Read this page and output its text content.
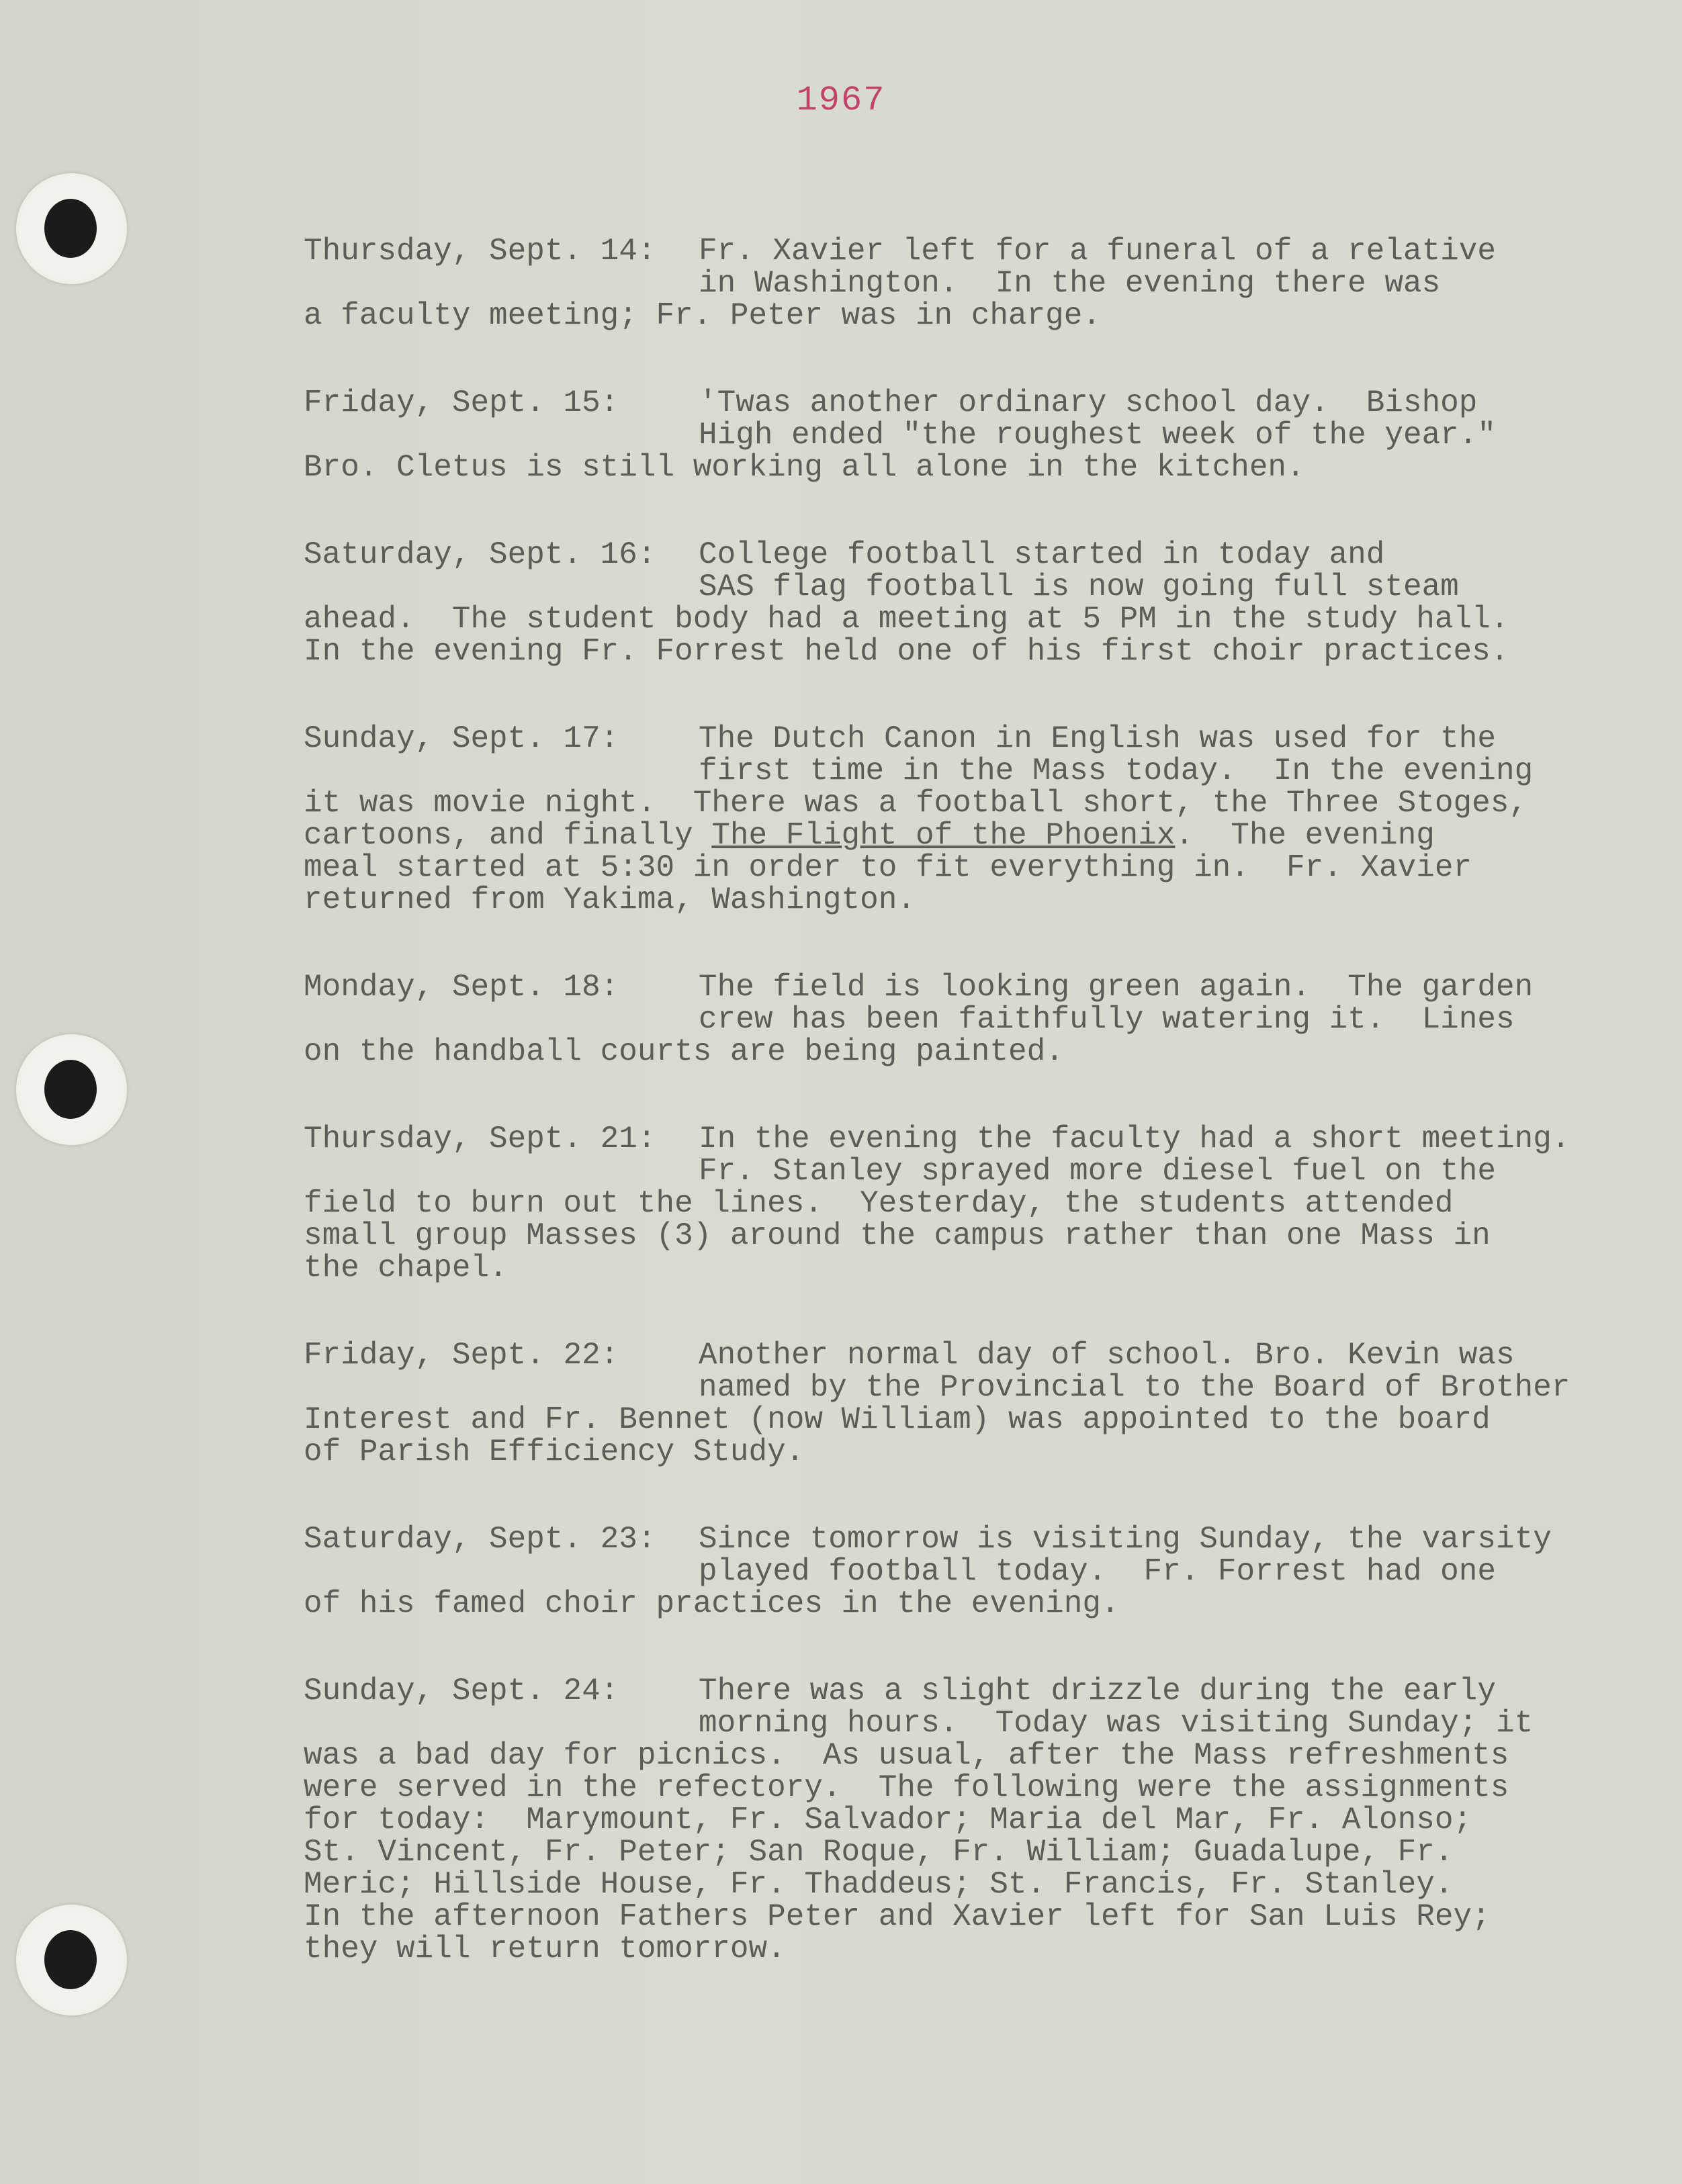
1967
Thursday, Sept. 14: Fr. Xavier left for a funeral of a relative
in Washington.  In the evening there was
a faculty meeting; Fr. Peter was in charge.
Friday, Sept. 15:	'Twas another ordinary school day.  Bishop
High ended "the roughest week of the year."
Bro. Cletus is still working all alone in the kitchen.
Saturday, Sept. 16: College football started in today and
SAS flag football is now going full steam
ahead.  The student body had a meeting at 5 PM in the study hall.
In the evening Fr. Forrest held one of his first choir practices.
Sunday, Sept. 17:	The Dutch Canon in English was used for the
first time in the Mass today.  In the evening
it was movie night.  There was a football short, the Three Stoges,
cartoons, and finally The Flight of the Phoenix.  The evening
meal started at 5:30 in order to fit everything in.  Fr. Xavier
returned from Yakima, Washington.
Monday, Sept. 18:	The field is looking green again.  The garden
crew has been faithfully watering it.  Lines
on the handball courts are being painted.
Thursday, Sept. 21: In the evening the faculty had a short meeting.
Fr. Stanley sprayed more diesel fuel on the
field to burn out the lines.  Yesterday, the students attended
small group Masses (3) around the campus rather than one Mass in
the chapel.
Friday, Sept. 22:	Another normal day of school. Bro. Kevin was
named by the Provincial to the Board of Brother
Interest and Fr. Bennet (now William) was appointed to the board
of Parish Efficiency Study.
Saturday, Sept. 23: Since tomorrow is visiting Sunday, the varsity
played football today.  Fr. Forrest had one
of his famed choir practices in the evening.
Sunday, Sept. 24:	There was a slight drizzle during the early
morning hours.  Today was visiting Sunday; it
was a bad day for picnics.  As usual, after the Mass refreshments
were served in the refectory.  The following were the assignments
for today:  Marymount, Fr. Salvador; Maria del Mar, Fr. Alonso;
St. Vincent, Fr. Peter; San Roque, Fr. William; Guadalupe, Fr.
Meric; Hillside House, Fr. Thaddeus; St. Francis, Fr. Stanley.
In the afternoon Fathers Peter and Xavier left for San Luis Rey;
they will return tomorrow.
